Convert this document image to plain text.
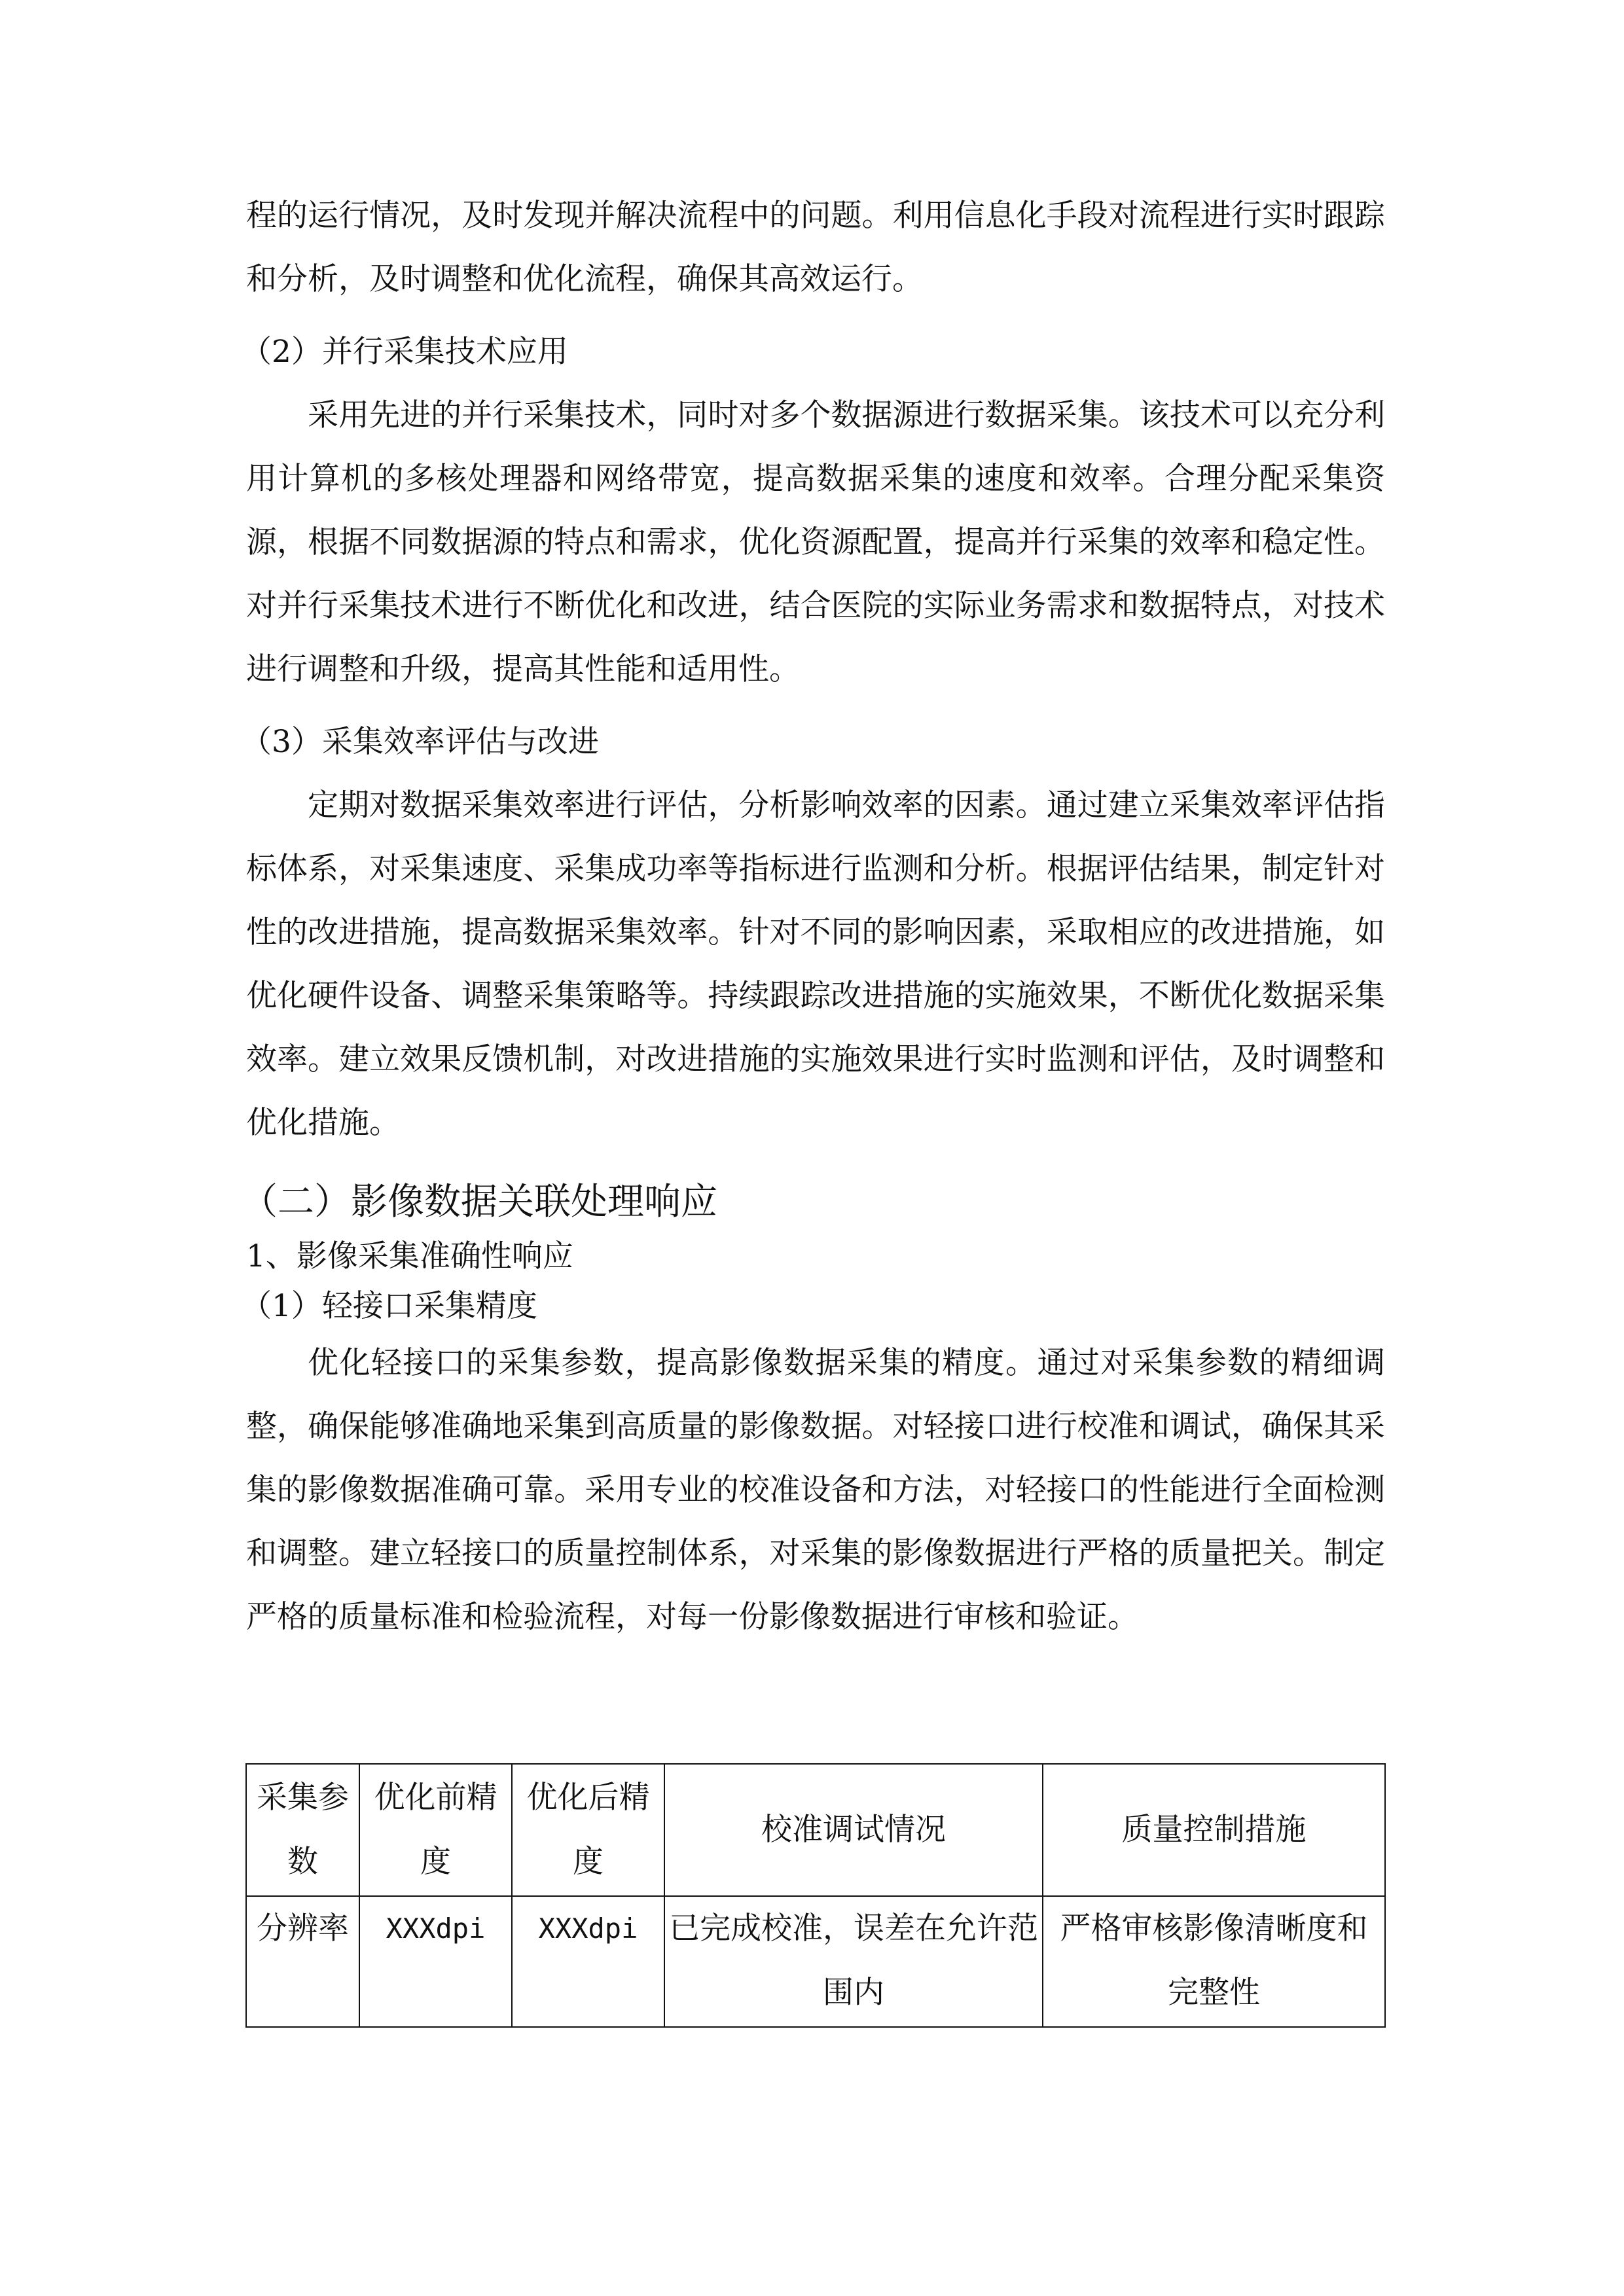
程的运行情况，及时发现并解决流程中的问题。利用信息化手段对流程进行实时跟踪和分析，及时调整和优化流程，确保其高效运行。

（2）并行采集技术应用

采用先进的并行采集技术，同时对多个数据源进行数据采集。该技术可以充分利用计算机的多核处理器和网络带宽，提高数据采集的速度和效率。合理分配采集资源，根据不同数据源的特点和需求，优化资源配置，提高并行采集的效率和稳定性。对并行采集技术进行不断优化和改进，结合医院的实际业务需求和数据特点，对技术进行调整和升级，提高其性能和适用性。

（3）采集效率评估与改进

定期对数据采集效率进行评估，分析影响效率的因素。通过建立采集效率评估指标体系，对采集速度、采集成功率等指标进行监测和分析。根据评估结果，制定针对性的改进措施，提高数据采集效率。针对不同的影响因素，采取相应的改进措施，如优化硬件设备、调整采集策略等。持续跟踪改进措施的实施效果，不断优化数据采集效率。建立效果反馈机制，对改进措施的实施效果进行实时监测和评估，及时调整和优化措施。

（二）影像数据关联处理响应
1、影像采集准确性响应
（1）轻接口采集精度

优化轻接口的采集参数，提高影像数据采集的精度。通过对采集参数的精细调整，确保能够准确地采集到高质量的影像数据。对轻接口进行校准和调试，确保其采集的影像数据准确可靠。采用专业的校准设备和方法，对轻接口的性能进行全面检测和调整。建立轻接口的质量控制体系，对采集的影像数据进行严格的质量把关。制定严格的质量标准和检验流程，对每一份影像数据进行审核和验证。

采集参数	优化前精度	优化后精度	校准调试情况	质量控制措施
分辨率	XXXdpi	XXXdpi	已完成校准，误差在允许范围内	严格审核影像清晰度和完整性
